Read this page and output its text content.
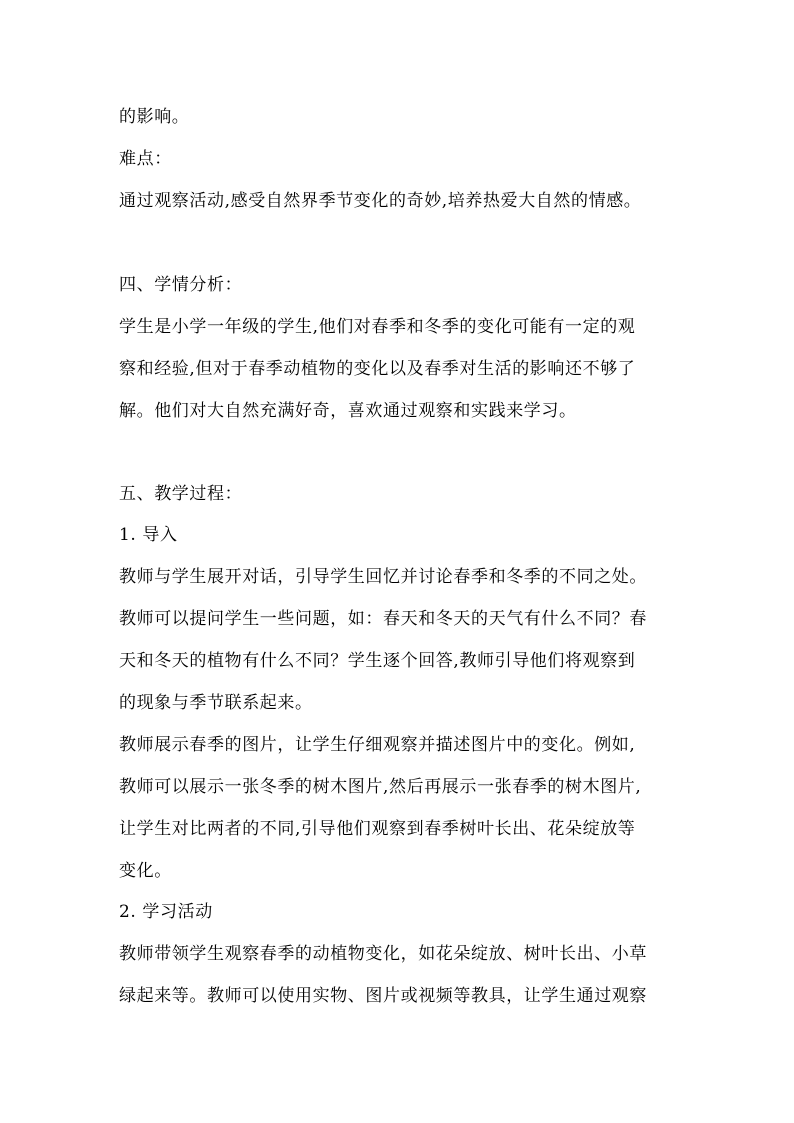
的影响。
难点：
通过观察活动,感受自然界季节变化的奇妙,培养热爱大自然的情感。
四、学情分析：
学生是小学一年级的学生,他们对春季和冬季的变化可能有一定的观
察和经验,但对于春季动植物的变化以及春季对生活的影响还不够了
解。他们对大自然充满好奇，喜欢通过观察和实践来学习。
五、教学过程：
1. 导入
教师与学生展开对话，引导学生回忆并讨论春季和冬季的不同之处。
教师可以提问学生一些问题，如：春天和冬天的天气有什么不同？春
天和冬天的植物有什么不同？学生逐个回答,教师引导他们将观察到
的现象与季节联系起来。
教师展示春季的图片，让学生仔细观察并描述图片中的变化。例如,
教师可以展示一张冬季的树木图片,然后再展示一张春季的树木图片,
让学生对比两者的不同,引导他们观察到春季树叶长出、花朵绽放等
变化。
2. 学习活动
教师带领学生观察春季的动植物变化，如花朵绽放、树叶长出、小草
绿起来等。教师可以使用实物、图片或视频等教具，让学生通过观察
